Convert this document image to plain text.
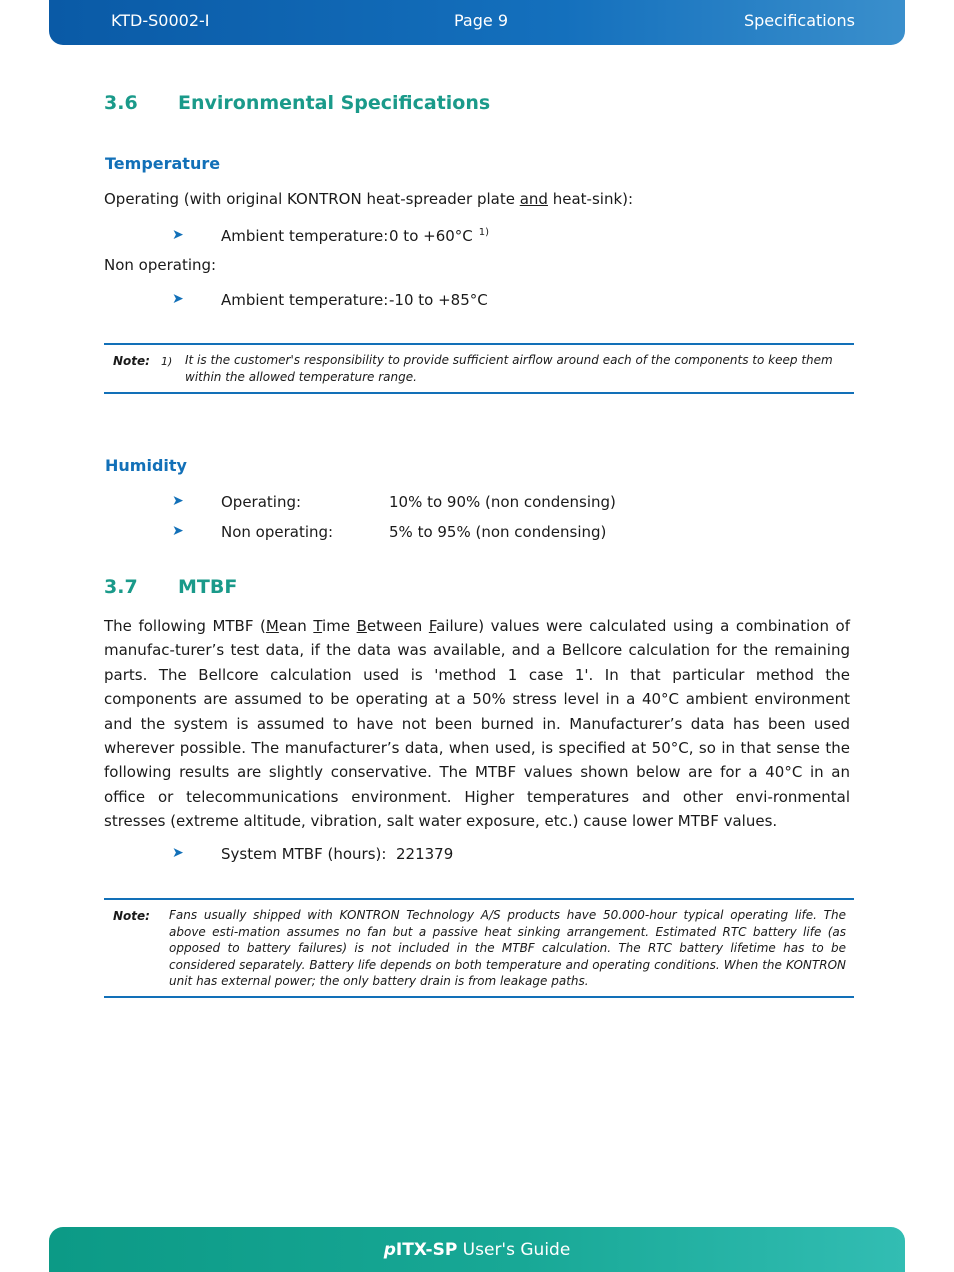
KTD-S0002-I	Page 9	Specifications
3.6 Environmental Specifications
Temperature
Operating (with original KONTRON heat-spreader plate and heat-sink):
➤ Ambient temperature: 0 to +60°C $^{1)}$
Non operating:
➤ Ambient temperature: -10 to +85°C
Note: 1) It is the customer's responsibility to provide sufficient airflow around each of the components to keep them within the allowed temperature range.
Humidity
➤ Operating:	10% to 90% (non condensing)
➤ Non operating:	5% to 95% (non condensing)
3.7 MTBF
The following MTBF (Mean Time Between Failure) values were calculated using a combination of manufac-turer’s test data, if the data was available, and a Bellcore calculation for the remaining parts. The Bellcore calculation used is 'method 1 case 1'. In that particular method the components are assumed to be operating at a 50% stress level in a 40°C ambient environment and the system is assumed to have not been burned in. Manufacturer’s data has been used wherever possible. The manufacturer’s data, when used, is specified at 50°C, so in that sense the following results are slightly conservative. The MTBF values shown below are for a 40°C in an office or telecommunications environment. Higher temperatures and other envi-ronmental stresses (extreme altitude, vibration, salt water exposure, etc.) cause lower MTBF values.
➤ System MTBF (hours): 221379
Note: Fans usually shipped with KONTRON Technology A/S products have 50.000-hour typical operating life. The above esti-mation assumes no fan but a passive heat sinking arrangement. Estimated RTC battery life (as opposed to battery failures) is not included in the MTBF calculation. The RTC battery lifetime has to be considered separately. Battery life depends on both temperature and operating conditions. When the KONTRON unit has external power; the only battery drain is from leakage paths.
pITX-SP User's Guide
